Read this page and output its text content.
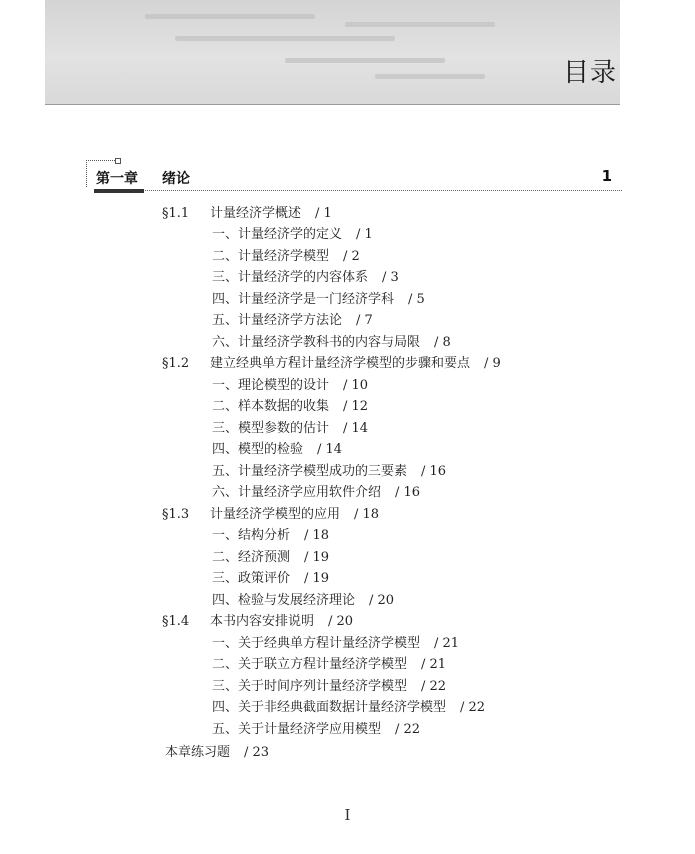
目录
第一章 绪论	1
§1.1 计量经济学概述 / 1
一、计量经济学的定义 / 1
二、计量经济学模型 / 2
三、计量经济学的内容体系 / 3
四、计量经济学是一门经济学科 / 5
五、计量经济学方法论 / 7
六、计量经济学教科书的内容与局限 / 8
§1.2 建立经典单方程计量经济学模型的步骤和要点 / 9
一、理论模型的设计 / 10
二、样本数据的收集 / 12
三、模型参数的估计 / 14
四、模型的检验 / 14
五、计量经济学模型成功的三要素 / 16
六、计量经济学应用软件介绍 / 16
§1.3 计量经济学模型的应用 / 18
一、结构分析 / 18
二、经济预测 / 19
三、政策评价 / 19
四、检验与发展经济理论 / 20
§1.4 本书内容安排说明 / 20
一、关于经典单方程计量经济学模型 / 21
二、关于联立方程计量经济学模型 / 21
三、关于时间序列计量经济学模型 / 22
四、关于非经典截面数据计量经济学模型 / 22
五、关于计量经济学应用模型 / 22
本章练习题 / 23
I
